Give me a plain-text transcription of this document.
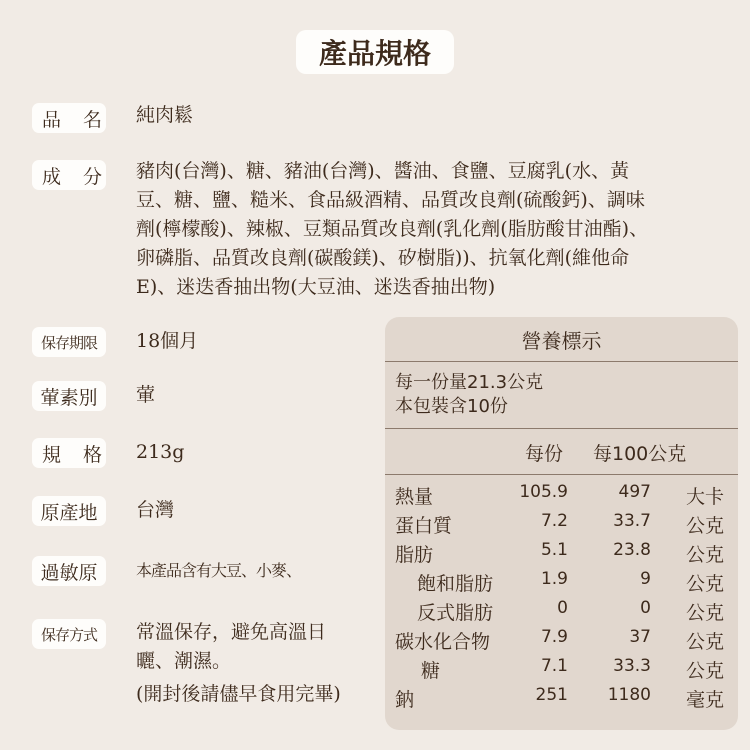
產品規格
品名 純肉鬆
成分 豬肉(台灣)、糖、豬油(台灣)、醬油、食鹽、豆腐乳(水、黃
豆、糖、鹽、糙米、食品級酒精、品質改良劑(硫酸鈣)、調味
劑(檸檬酸)、辣椒、豆類品質改良劑(乳化劑(脂肪酸甘油酯)、
卵磷脂、品質改良劑(碳酸鎂)、矽樹脂))、抗氧化劑(維他命
E)、迷迭香抽出物(大豆油、迷迭香抽出物)
保存期限	18個月
葷素別	葷
規格 213g
原產地	台灣
過敏原	本產品含有大豆、小麥、
保存方式	常溫保存，避免高溫日
曬、潮濕。
(開封後請儘早食用完畢)
營養標示
每一份量21.3公克
本包裝含10份
每份 每100公克
熱量	105.9	497 大卡
蛋白質	7.2	33.7 公克
脂肪	5.1	23.8 公克
飽和脂肪	1.9	9 公克
反式脂肪	0	0 公克
碳水化合物	7.9	37 公克
糖	7.1	33.3 公克
鈉	251 1180 毫克
